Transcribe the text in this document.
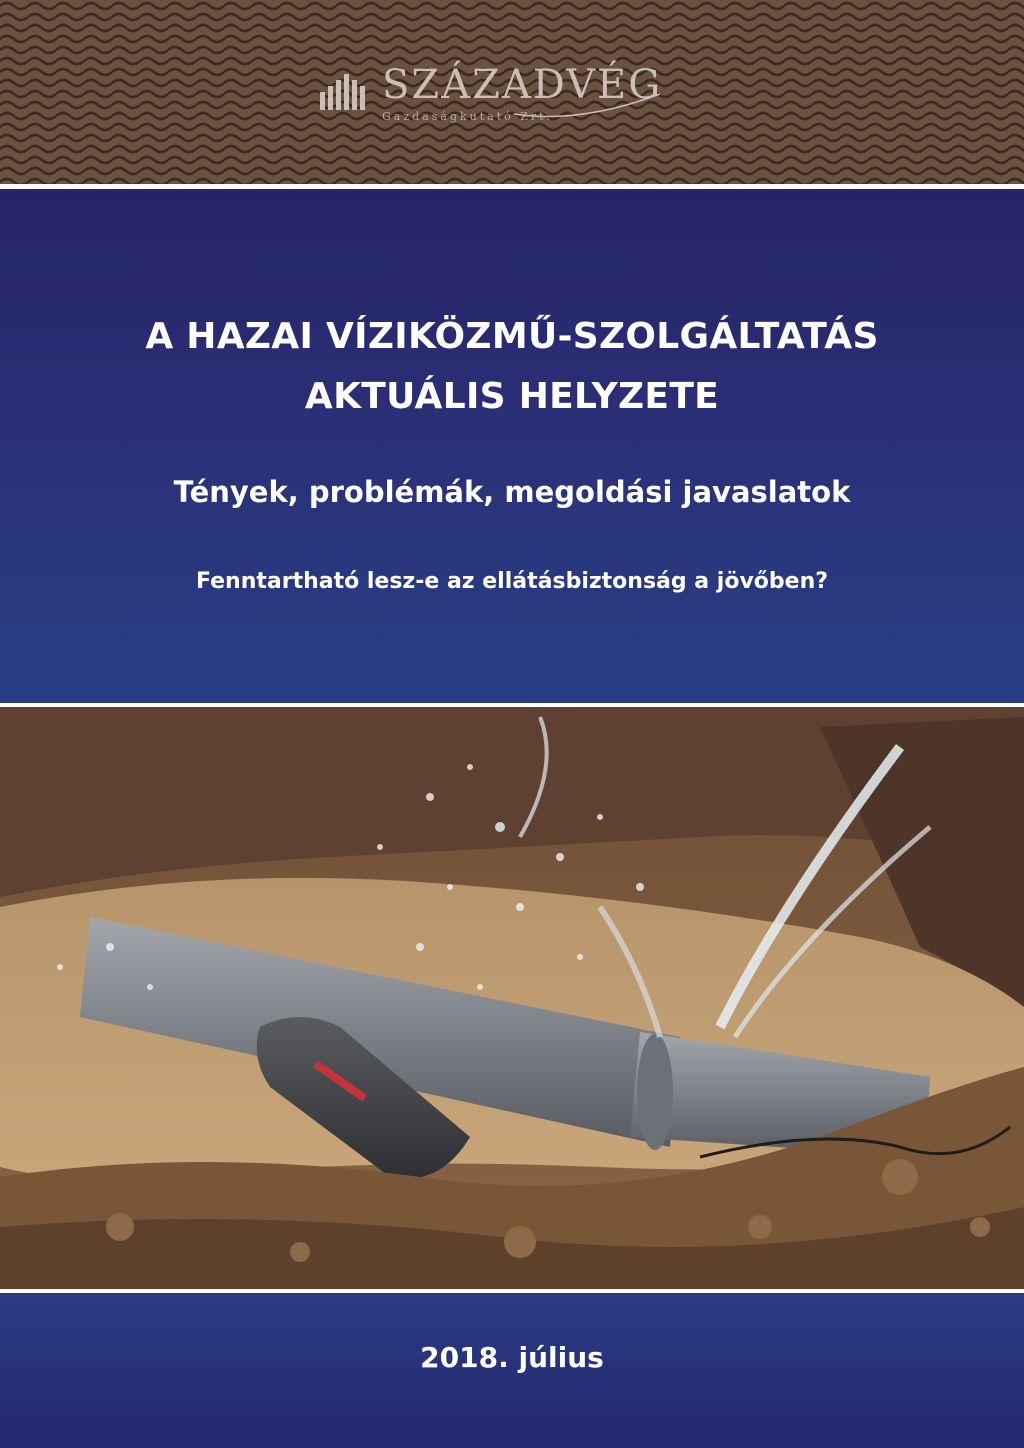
SZÁZADVÉG
Gazdaságkutató Zrt.
A HAZAI VÍZIKÖZMŰ-SZOLGÁLTATÁS
AKTUÁLIS HELYZETE
Tények, problémák, megoldási javaslatok
Fenntartható lesz-e az ellátásbiztonság a jövőben?
2018. július
